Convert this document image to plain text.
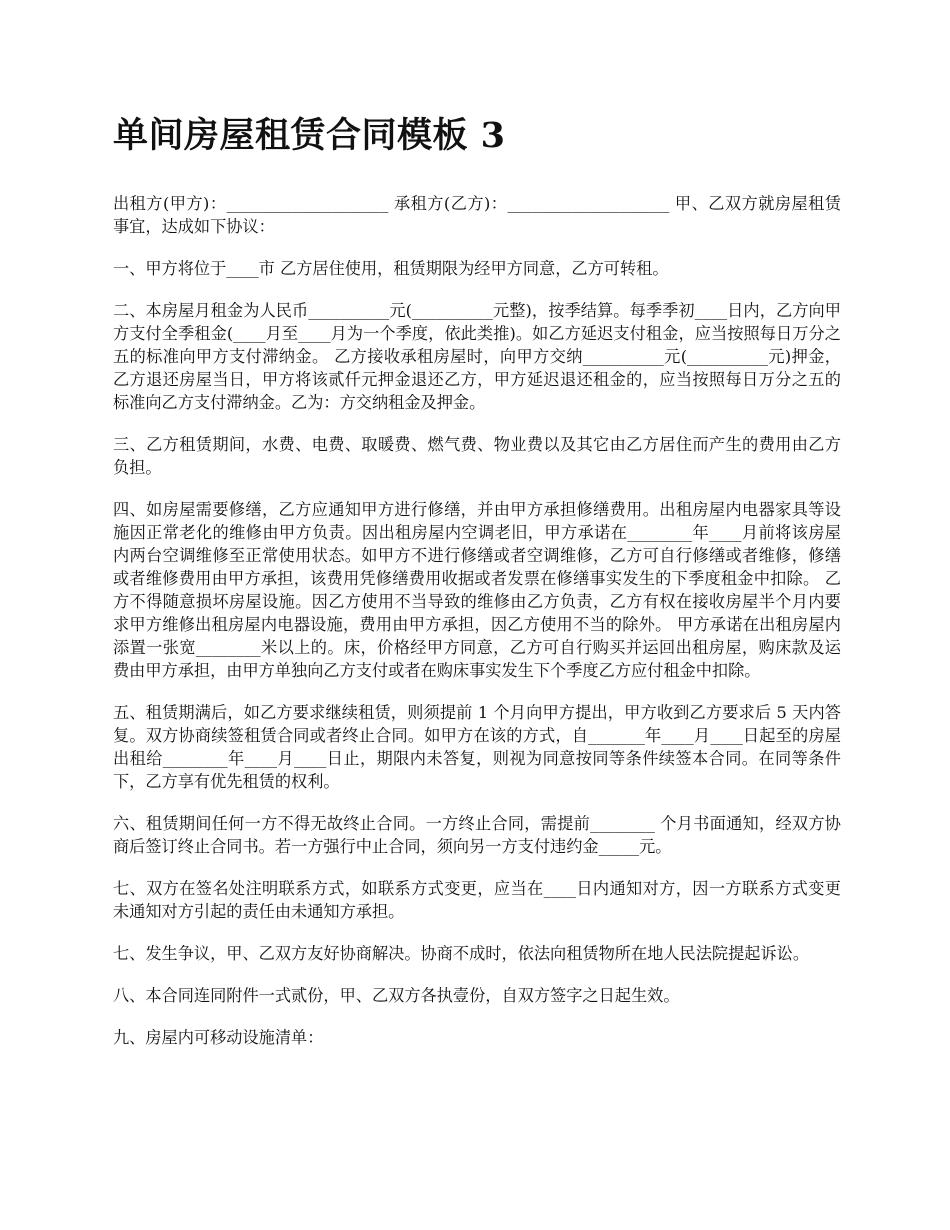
单间房屋租赁合同模板 3

出租方(甲方)：____________________ 承租方(乙方)：____________________ 甲、乙双方就房屋租赁事宜，达成如下协议：

一、甲方将位于____市 乙方居住使用，租赁期限为经甲方同意，乙方可转租。

二、本房屋月租金为人民币__________元(__________元整)，按季结算。每季季初____日内，乙方向甲方支付全季租金(____月至____月为一个季度，依此类推)。如乙方延迟支付租金，应当按照每日万分之五的标准向甲方支付滞纳金。 乙方接收承租房屋时，向甲方交纳__________元(__________元)押金，乙方退还房屋当日，甲方将该贰仟元押金退还乙方，甲方延迟退还租金的，应当按照每日万分之五的标准向乙方支付滞纳金。乙为：方交纳租金及押金。

三、乙方租赁期间，水费、电费、取暖费、燃气费、物业费以及其它由乙方居住而产生的费用由乙方负担。

四、如房屋需要修缮，乙方应通知甲方进行修缮，并由甲方承担修缮费用。出租房屋内电器家具等设施因正常老化的维修由甲方负责。因出租房屋内空调老旧，甲方承诺在________年____月前将该房屋内两台空调维修至正常使用状态。如甲方不进行修缮或者空调维修，乙方可自行修缮或者维修，修缮或者维修费用由甲方承担，该费用凭修缮费用收据或者发票在修缮事实发生的下季度租金中扣除。 乙方不得随意损坏房屋设施。因乙方使用不当导致的维修由乙方负责，乙方有权在接收房屋半个月内要求甲方维修出租房屋内电器设施，费用由甲方承担，因乙方使用不当的除外。 甲方承诺在出租房屋内添置一张宽________米以上的。床，价格经甲方同意，乙方可自行购买并运回出租房屋，购床款及运费由甲方承担，由甲方单独向乙方支付或者在购床事实发生下个季度乙方应付租金中扣除。

五、租赁期满后，如乙方要求继续租赁，则须提前 1 个月向甲方提出，甲方收到乙方要求后 5 天内答复。双方协商续签租赁合同或者终止合同。如甲方在该的方式，自_______年____月____日起至的房屋出租给________年____月____日止，期限内未答复，则视为同意按同等条件续签本合同。在同等条件下，乙方享有优先租赁的权利。

六、租赁期间任何一方不得无故终止合同。一方终止合同，需提前________ 个月书面通知，经双方协商后签订终止合同书。若一方强行中止合同，须向另一方支付违约金_____元。

七、双方在签名处注明联系方式，如联系方式变更，应当在____日内通知对方，因一方联系方式变更未通知对方引起的责任由未通知方承担。

七、发生争议，甲、乙双方友好协商解决。协商不成时，依法向租赁物所在地人民法院提起诉讼。

八、本合同连同附件一式贰份，甲、乙双方各执壹份，自双方签字之日起生效。

九、房屋内可移动设施清单：
